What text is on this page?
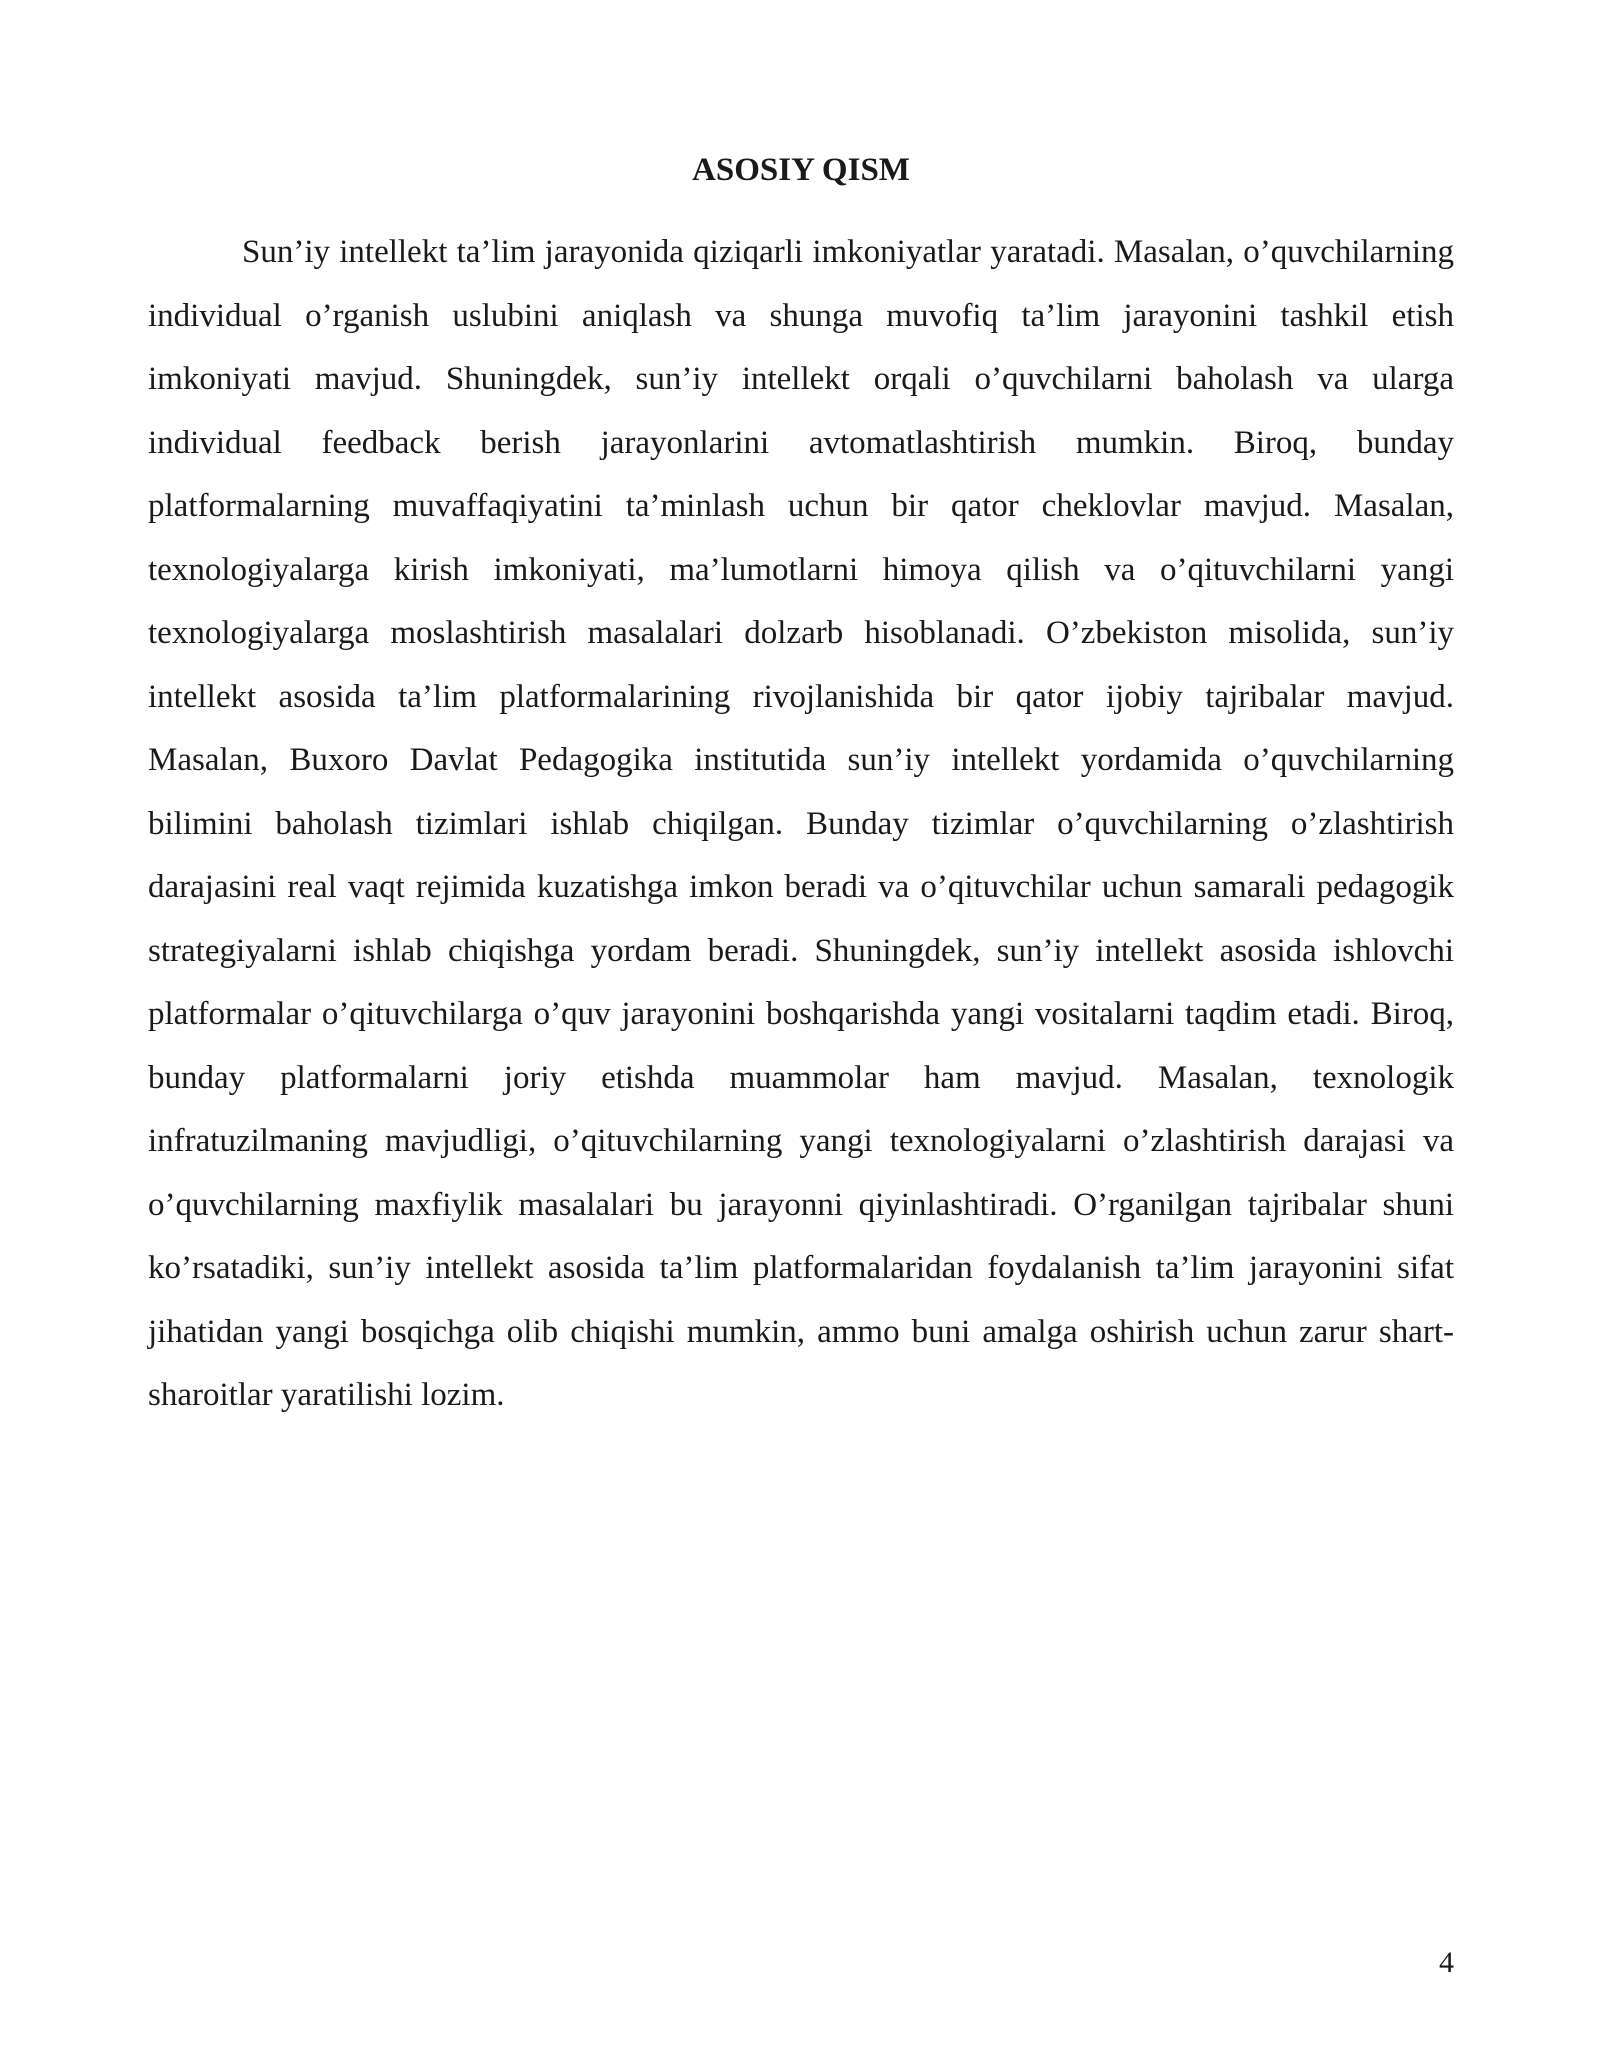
ASOSIY QISM

Sun’iy intellekt ta’lim jarayonida qiziqarli imkoniyatlar yaratadi. Masalan, o’quvchilarning individual o’rganish uslubini aniqlash va shunga muvofiq ta’lim jarayonini tashkil etish imkoniyati mavjud. Shuningdek, sun’iy intellekt orqali o’quvchilarni baholash va ularga individual feedback berish jarayonlarini avtomatlashtirish mumkin. Biroq, bunday platformalarning muvaffaqiyatini ta’minlash uchun bir qator cheklovlar mavjud. Masalan, texnologiyalarga kirish imkoniyati, ma’lumotlarni himoya qilish va o’qituvchilarni yangi texnologiyalarga moslashtirish masalalari dolzarb hisoblanadi. O’zbekiston misolida, sun’iy intellekt asosida ta’lim platformalarining rivojlanishida bir qator ijobiy tajribalar mavjud. Masalan, Buxoro Davlat Pedagogika institutida sun’iy intellekt yordamida o’quvchilarning bilimini baholash tizimlari ishlab chiqilgan. Bunday tizimlar o’quvchilarning o’zlashtirish darajasini real vaqt rejimida kuzatishga imkon beradi va o’qituvchilar uchun samarali pedagogik strategiyalarni ishlab chiqishga yordam beradi. Shuningdek, sun’iy intellekt asosida ishlovchi platformalar o’qituvchilarga o’quv jarayonini boshqarishda yangi vositalarni taqdim etadi. Biroq, bunday platformalarni joriy etishda muammolar ham mavjud. Masalan, texnologik infratuzilmaning mavjudligi, o’qituvchilarning yangi texnologiyalarni o’zlashtirish darajasi va o’quvchilarning maxfiylik masalalari bu jarayonni qiyinlashtiradi. O’rganilgan tajribalar shuni ko’rsatadiki, sun’iy intellekt asosida ta’lim platformalaridan foydalanish ta’lim jarayonini sifat jihatidan yangi bosqichga olib chiqishi mumkin, ammo buni amalga oshirish uchun zarur shart-sharoitlar yaratilishi lozim.

4
